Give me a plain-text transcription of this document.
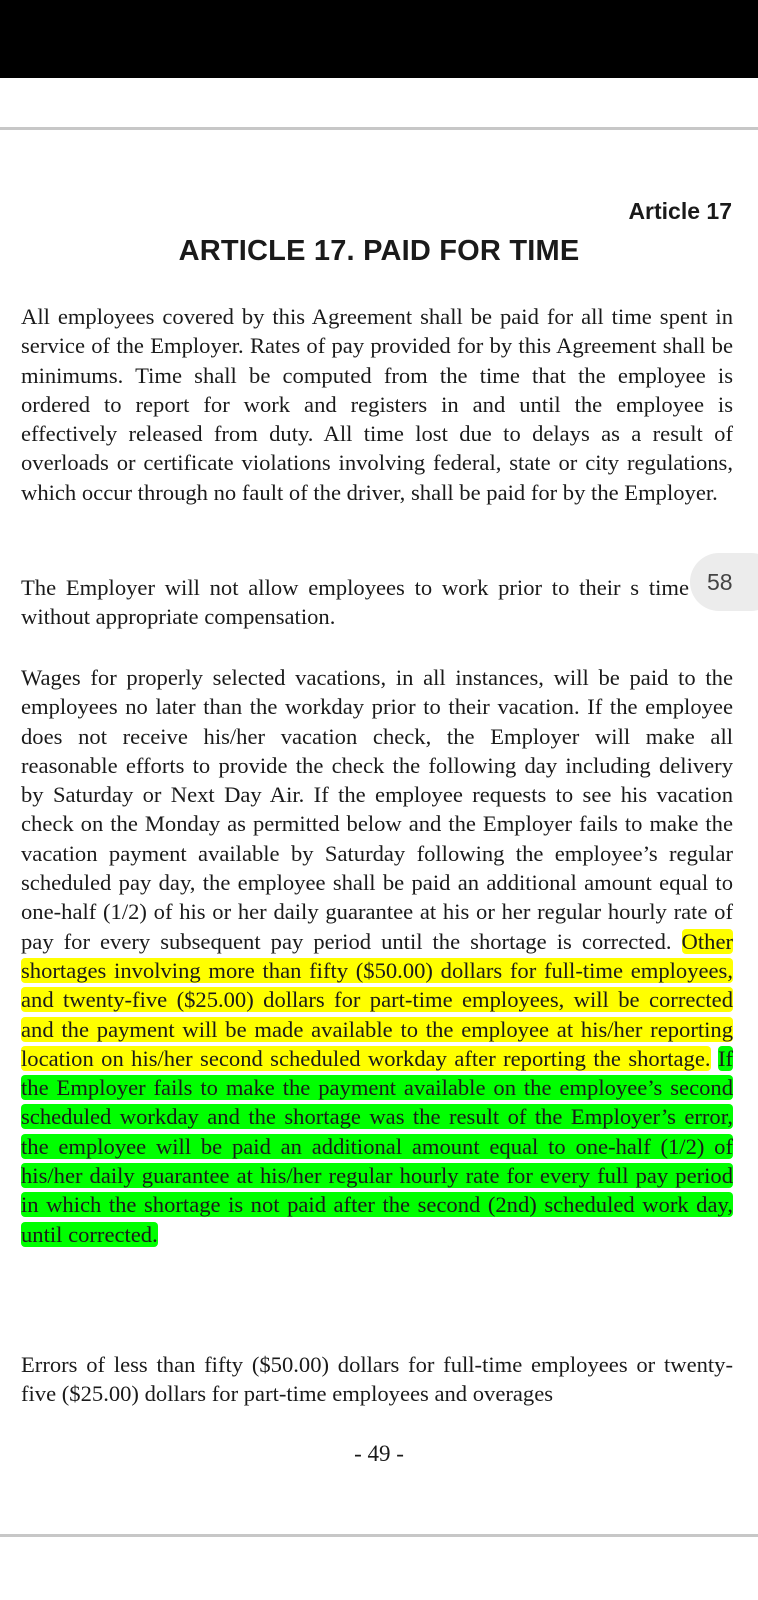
Article 17
ARTICLE 17. PAID FOR TIME

All employees covered by this Agreement shall be paid for all time spent in service of the Employer. Rates of pay provided for by this Agreement shall be minimums. Time shall be computed from the time that the employee is ordered to report for work and registers in and until the employee is effectively released from duty. All time lost due to delays as a result of overloads or certificate violations involving federal, state or city regulations, which occur through no fault of the driver, shall be paid for by the Employer.

The Employer will not allow employees to work prior to their s time without appropriate compensation.

Wages for properly selected vacations, in all instances, will be paid to the employees no later than the workday prior to their vacation. If the employee does not receive his/her vacation check, the Employer will make all reasonable efforts to provide the check the following day including delivery by Saturday or Next Day Air. If the employee requests to see his vacation check on the Monday as permitted below and the Employer fails to make the vacation payment available by Saturday following the employee’s regular scheduled pay day, the employee shall be paid an additional amount equal to one-half (1/2) of his or her daily guarantee at his or her regular hourly rate of pay for every subsequent pay period until the shortage is corrected. Other shortages involving more than fifty ($50.00) dollars for full-time employees, and twenty-five ($25.00) dollars for part-time employees, will be corrected and the payment will be made available to the employee at his/her reporting location on his/her second scheduled workday after reporting the shortage. If the Employer fails to make the payment available on the employee’s second scheduled workday and the shortage was the result of the Employer’s error, the employee will be paid an additional amount equal to one-half (1/2) of his/her daily guarantee at his/her regular hourly rate for every full pay period in which the shortage is not paid after the second (2nd) scheduled work day, until corrected.

Errors of less than fifty ($50.00) dollars for full-time employees or twenty-five ($25.00) dollars for part-time employees and overages

58
- 49 -
